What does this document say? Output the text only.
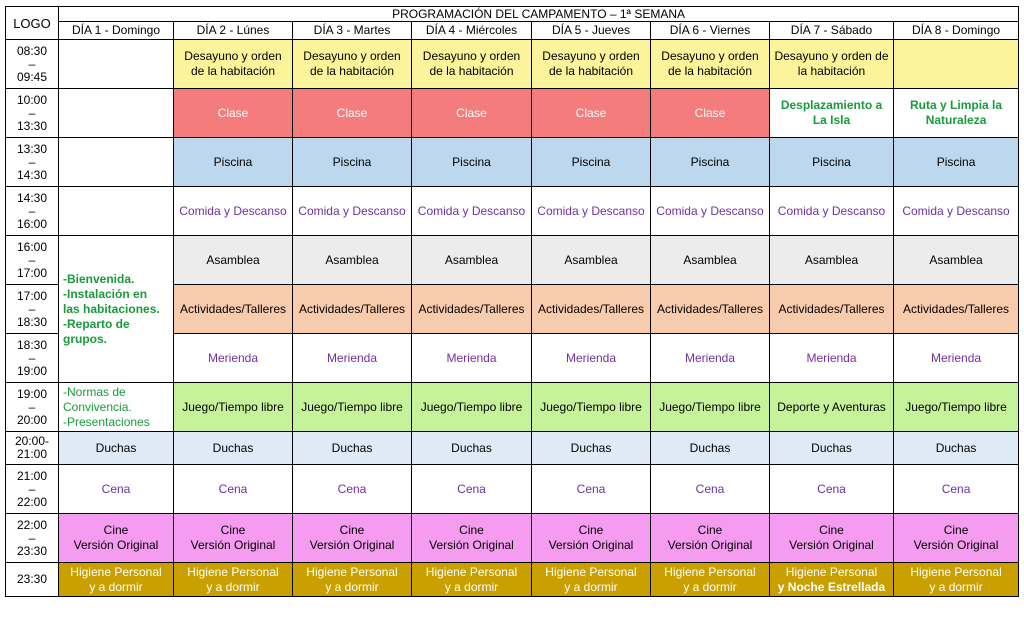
LOGO	PROGRAMACIÓN DEL CAMPAMENTO – 1ª SEMANA							
	DÍA 1 - Domingo	DÍA 2 - Lúnes	DÍA 3 - Martes	DÍA 4 - Miércoles	DÍA 5 - Jueves	DÍA 6 - Viernes	DÍA 7 - Sábado	DÍA 8 - Domingo
08:30
–
09:45		Desayuno y orden
de la habitación	Desayuno y orden
de la habitación	Desayuno y orden
de la habitación	Desayuno y orden
de la habitación	Desayuno y orden
de la habitación	Desayuno y orden de
la habitación	
10:00
–
13:30		Clase	Clase	Clase	Clase	Clase	Desplazamiento a
La Isla	Ruta y Limpia la
Naturaleza
13:30
–
14:30		Piscina	Piscina	Piscina	Piscina	Piscina	Piscina	Piscina
14:30
–
16:00		Comida y Descanso	Comida y Descanso	Comida y Descanso	Comida y Descanso	Comida y Descanso	Comida y Descanso	Comida y Descanso
16:00
–
17:00	-Bienvenida.
-Instalación en
las habitaciones.
-Reparto de
grupos.	Asamblea	Asamblea	Asamblea	Asamblea	Asamblea	Asamblea	Asamblea
17:00
–
18:30		Actividades/Talleres	Actividades/Talleres	Actividades/Talleres	Actividades/Talleres	Actividades/Talleres	Actividades/Talleres	Actividades/Talleres
18:30
–
19:00		Merienda	Merienda	Merienda	Merienda	Merienda	Merienda	Merienda
19:00
–
20:00	-Normas de
Convivencia.
-Presentaciones	Juego/Tiempo libre	Juego/Tiempo libre	Juego/Tiempo libre	Juego/Tiempo libre	Juego/Tiempo libre	Deporte y Aventuras	Juego/Tiempo libre
20:00-
21:00	Duchas	Duchas	Duchas	Duchas	Duchas	Duchas	Duchas	Duchas
21:00
–
22:00	Cena	Cena	Cena	Cena	Cena	Cena	Cena	Cena
22:00
–
23:30	Cine
Versión Original	Cine
Versión Original	Cine
Versión Original	Cine
Versión Original	Cine
Versión Original	Cine
Versión Original	Cine
Versión Original	Cine
Versión Original
23:30	Higiene Personal
y a dormir	Higiene Personal
y a dormir	Higiene Personal
y a dormir	Higiene Personal
y a dormir	Higiene Personal
y a dormir	Higiene Personal
y a dormir	Higiene Personal
y Noche Estrellada	Higiene Personal
y a dormir
